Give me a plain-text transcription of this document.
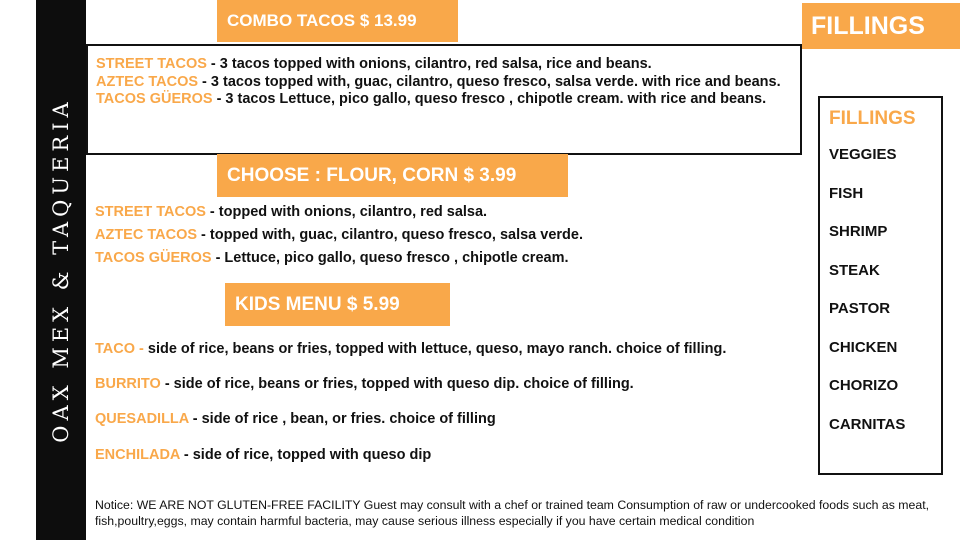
OAX MEX & TAQUERIA
COMBO TACOS $ 13.99
STREET TACOS - 3 tacos topped with onions, cilantro, red salsa, rice and beans.
AZTEC TACOS - 3 tacos topped with, guac, cilantro, queso fresco, salsa verde. with rice and beans.
TACOS GÜEROS - 3 tacos Lettuce, pico gallo, queso fresco , chipotle cream. with rice and beans.
CHOOSE : FLOUR, CORN $ 3.99
STREET TACOS - topped with onions, cilantro, red salsa.
AZTEC TACOS - topped with, guac, cilantro, queso fresco, salsa verde.
TACOS GÜEROS - Lettuce, pico gallo, queso fresco , chipotle cream.
KIDS MENU $ 5.99
TACO - side of rice, beans or fries, topped with lettuce, queso, mayo ranch. choice of filling.
BURRITO - side of rice, beans or fries, topped with queso dip. choice of filling.
QUESADILLA - side of rice , bean, or fries. choice of filling
ENCHILADA - side of rice, topped with queso dip
FILLINGS
FILLINGS
VEGGIES
FISH
SHRIMP
STEAK
PASTOR
CHICKEN
CHORIZO
CARNITAS
Notice: WE ARE NOT GLUTEN-FREE FACILITY Guest may consult with a chef or trained team Consumption of raw or undercooked foods such as meat, fish,poultry,eggs, may contain harmful bacteria, may cause serious illness especially if you have certain medical condition
